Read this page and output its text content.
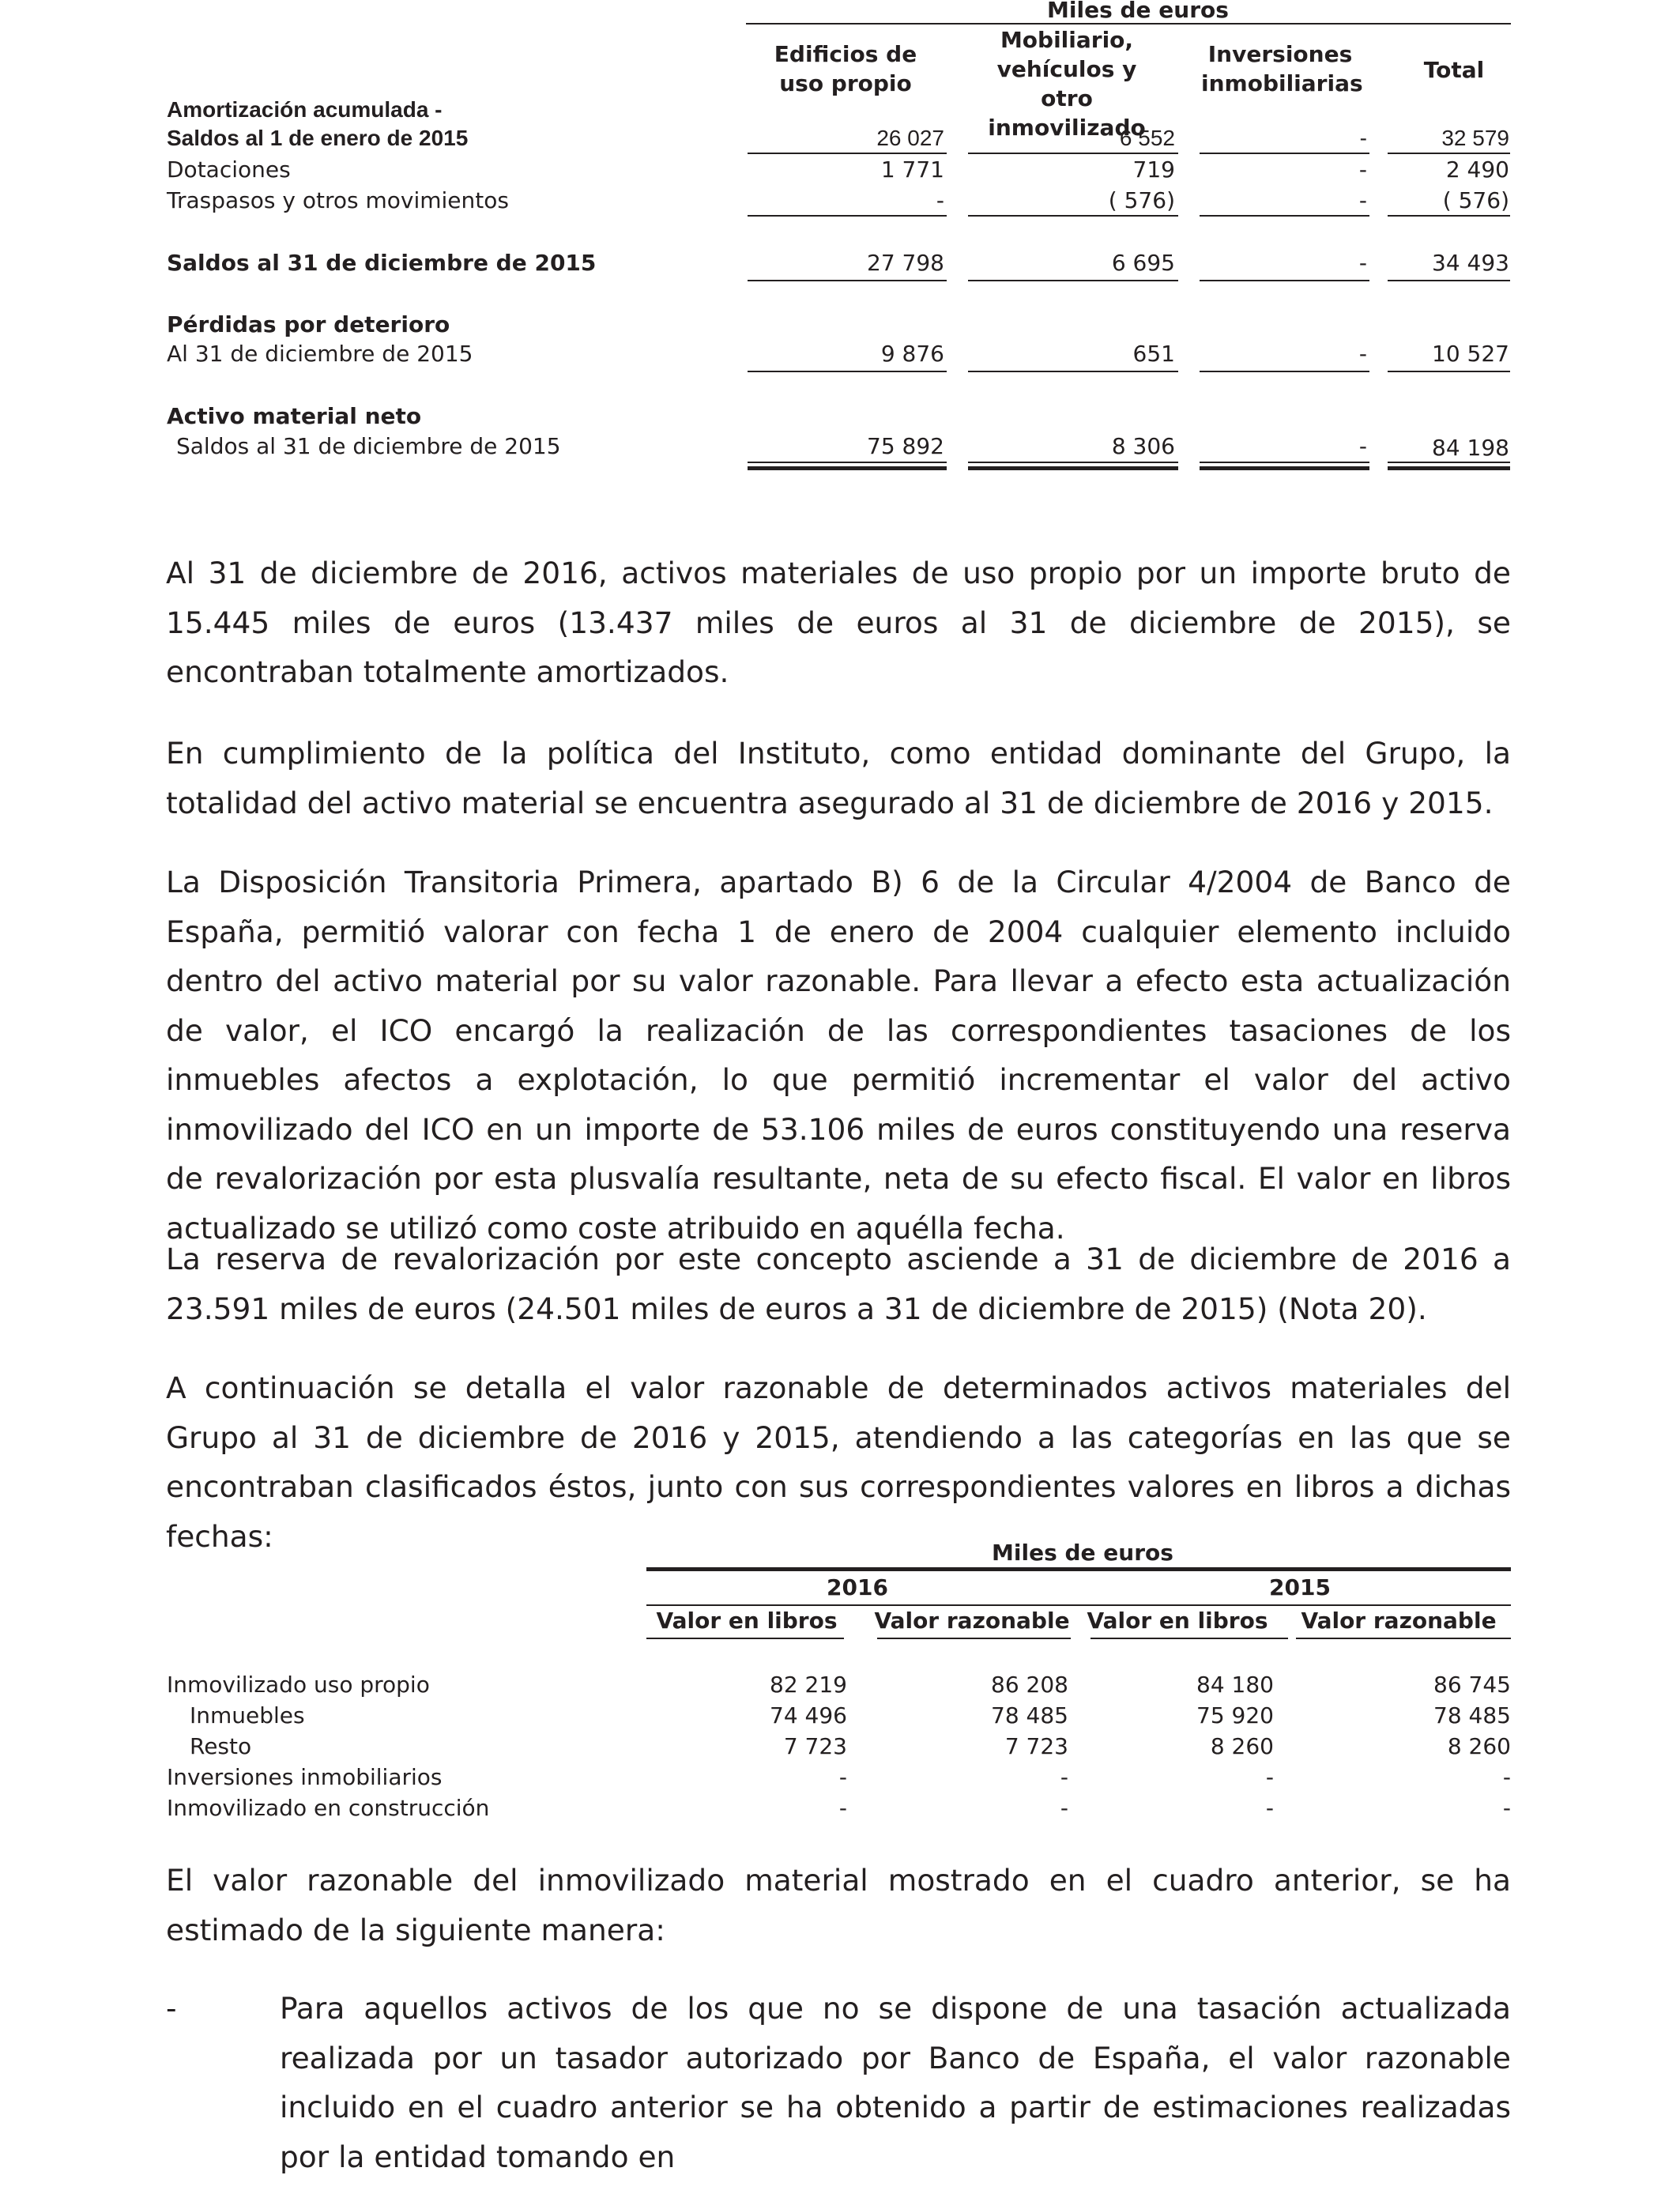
Miles de euros
Edificios de uso propio
Mobiliario, vehículos y otro inmovilizado
Inversiones inmobiliarias
Total
Amortización acumulada -
Saldos al 1 de enero de 2015	26 027	6 552	-	32 579
Dotaciones	1 771	719	-	2 490
Traspasos y otros movimientos	-	( 576)	-	( 576)
Saldos al 31 de diciembre de 2015	27 798	6 695	-	34 493
Pérdidas por deterioro
Al 31 de diciembre de 2015	9 876	651	-	10 527
Activo material neto
Saldos al 31 de diciembre de 2015	75 892	8 306	-	84 198

Al 31 de diciembre de 2016, activos materiales de uso propio por un importe bruto de 15.445 miles de euros (13.437 miles de euros al 31 de diciembre de 2015), se encontraban totalmente amortizados.

En cumplimiento de la política del Instituto, como entidad dominante del Grupo, la totalidad del activo material se encuentra asegurado al 31 de diciembre de 2016 y 2015.

La Disposición Transitoria Primera, apartado B) 6 de la Circular 4/2004 de Banco de España, permitió valorar con fecha 1 de enero de 2004 cualquier elemento incluido dentro del activo material por su valor razonable. Para llevar a efecto esta actualización de valor, el ICO encargó la realización de las correspondientes tasaciones de los inmuebles afectos a explotación, lo que permitió incrementar el valor del activo inmovilizado del ICO en un importe de 53.106 miles de euros constituyendo una reserva de revalorización por esta plusvalía resultante, neta de su efecto fiscal. El valor en libros actualizado se utilizó como coste atribuido en aquélla fecha.

La reserva de revalorización por este concepto asciende a 31 de diciembre de 2016 a 23.591 miles de euros (24.501 miles de euros a 31 de diciembre de 2015) (Nota 20).

A continuación se detalla el valor razonable de determinados activos materiales del Grupo al 31 de diciembre de 2016 y 2015, atendiendo a las categorías en las que se encontraban clasificados éstos, junto con sus correspondientes valores en libros a dichas fechas:	Miles de euros
2016	2015
Valor en libros	Valor razonable Valor en libros	Valor razonable
Inmovilizado uso propio	82 219	86 208	84 180	86 745
Inmuebles	74 496	78 485	75 920	78 485
Resto	7 723	7 723	8 260	8 260
Inversiones inmobiliarios	-	-	-	-
Inmovilizado en construcción	-	-	-	-

El valor razonable del inmovilizado material mostrado en el cuadro anterior, se ha estimado de la siguiente manera:

-	Para aquellos activos de los que no se dispone de una tasación actualizada realizada por un tasador autorizado por Banco de España, el valor razonable incluido en el cuadro anterior se ha obtenido a partir de estimaciones realizadas por la entidad tomando en
